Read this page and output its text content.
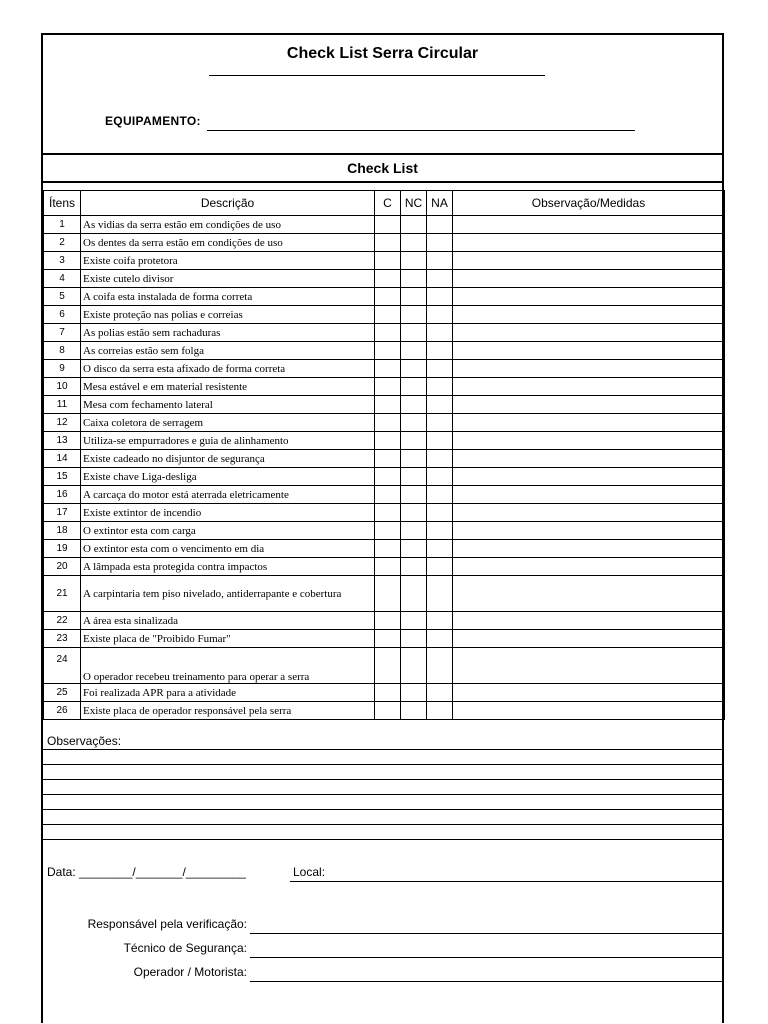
Check List Serra Circular
EQUIPAMENTO:
Check List
Ítens	Descrição	C	NC	NA	Observação/Medidas
1	As vidias da serra estão em condições de uso				
2	Os dentes da serra estão em condições de uso				
3	Existe coifa protetora				
4	Existe cutelo divisor				
5	A coifa esta instalada de forma correta				
6	Existe proteção nas polias e correias				
7	As polias estão sem rachaduras				
8	As correias estão sem folga				
9	O disco da serra esta afixado de forma correta				
10	Mesa estável e em material resistente				
11	Mesa com fechamento lateral				
12	Caixa coletora de serragem				
13	Utiliza-se empurradores e guia de alinhamento				
14	Existe cadeado no disjuntor de segurança				
15	Existe chave Liga-desliga				
16	A carcaça do motor está aterrada eletricamente				
17	Existe extintor de incendio				
18	O extintor esta com carga				
19	O extintor esta com o vencimento em dia				
20	A lâmpada esta protegida contra impactos				
21	A carpintaria tem piso nivelado, antiderrapante e cobertura				
22	A área esta sinalizada				
23	Existe placa de "Proibido Fumar"				
24	O operador recebeu treinamento para operar a serra				
25	Foi realizada APR para a atividade				
26	Existe placa de operador responsável pela serra				
Observações:
Data: ________/_______/_________	Local:
Responsável pela verificação:
Técnico de Segurança:
Operador / Motorista:
